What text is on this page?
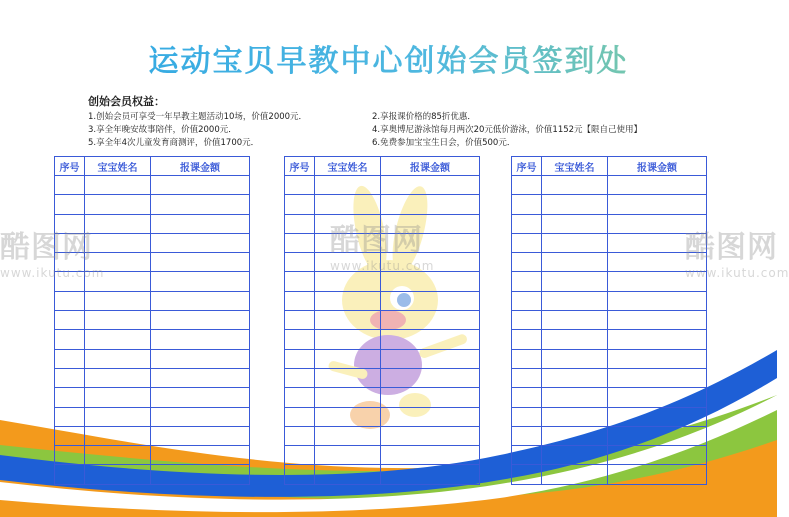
运动宝贝早教中心创始会员签到处
创始会员权益：
1.创始会员可享受一年早教主题活动10场，价值2000元．	2.享报课价格的85折优惠．
3.享全年晚安故事陪伴，价值2000元．	4.享奥博尼游泳馆每月两次20元低价游泳，价值1152元【限自己使用】
5.享全年4次儿童发育商测评，价值1700元．	6.免费参加宝宝生日会，价值500元．
序号	宝宝姓名	报课金额

			序号	宝宝姓名	报课金额

			序号	宝宝姓名	报课金额

酷图网
www.ikutu.com
酷图网
www.ikutu.com
酷图网
www.ikutu.com
